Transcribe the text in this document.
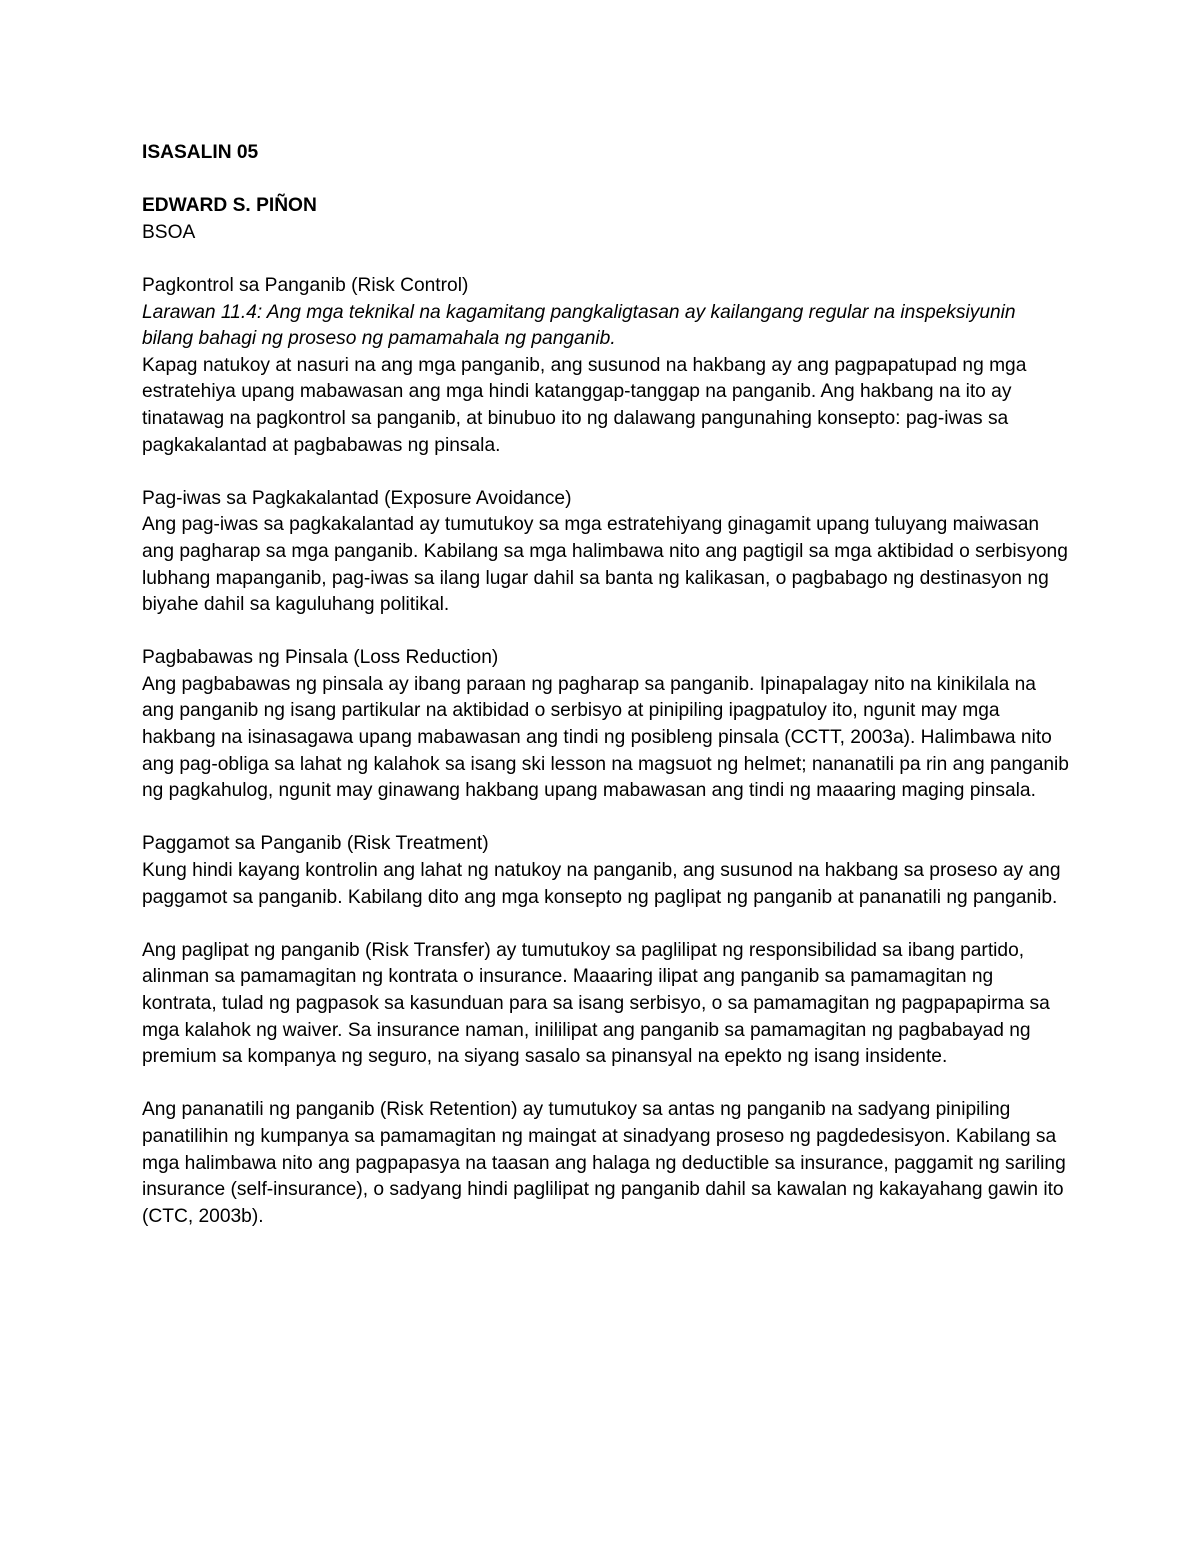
ISASALIN 05

EDWARD S. PIÑON

BSOA

Pagkontrol sa Panganib (Risk Control)

Larawan 11.4: Ang mga teknikal na kagamitang pangkaligtasan ay kailangang regular na inspeksiyunin bilang bahagi ng proseso ng pamamahala ng panganib.

Kapag natukoy at nasuri na ang mga panganib, ang susunod na hakbang ay ang pagpapatupad ng mga estratehiya upang mabawasan ang mga hindi katanggap-tanggap na panganib. Ang hakbang na ito ay tinatawag na pagkontrol sa panganib, at binubuo ito ng dalawang pangunahing konsepto: pag-iwas sa pagkakalantad at pagbabawas ng pinsala.

Pag-iwas sa Pagkakalantad (Exposure Avoidance)

Ang pag-iwas sa pagkakalantad ay tumutukoy sa mga estratehiyang ginagamit upang tuluyang maiwasan ang pagharap sa mga panganib. Kabilang sa mga halimbawa nito ang pagtigil sa mga aktibidad o serbisyong lubhang mapanganib, pag-iwas sa ilang lugar dahil sa banta ng kalikasan, o pagbabago ng destinasyon ng biyahe dahil sa kaguluhang politikal.

Pagbabawas ng Pinsala (Loss Reduction)

Ang pagbabawas ng pinsala ay ibang paraan ng pagharap sa panganib. Ipinapalagay nito na kinikilala na ang panganib ng isang partikular na aktibidad o serbisyo at pinipiling ipagpatuloy ito, ngunit may mga hakbang na isinasagawa upang mabawasan ang tindi ng posibleng pinsala (CCTT, 2003a). Halimbawa nito ang pag-obliga sa lahat ng kalahok sa isang ski lesson na magsuot ng helmet; nananatili pa rin ang panganib ng pagkahulog, ngunit may ginawang hakbang upang mabawasan ang tindi ng maaaring maging pinsala.

Paggamot sa Panganib (Risk Treatment)

Kung hindi kayang kontrolin ang lahat ng natukoy na panganib, ang susunod na hakbang sa proseso ay ang paggamot sa panganib. Kabilang dito ang mga konsepto ng paglipat ng panganib at pananatili ng panganib.

Ang paglipat ng panganib (Risk Transfer) ay tumutukoy sa paglilipat ng responsibilidad sa ibang partido, alinman sa pamamagitan ng kontrata o insurance. Maaaring ilipat ang panganib sa pamamagitan ng kontrata, tulad ng pagpasok sa kasunduan para sa isang serbisyo, o sa pamamagitan ng pagpapapirma sa mga kalahok ng waiver. Sa insurance naman, inililipat ang panganib sa pamamagitan ng pagbabayad ng premium sa kompanya ng seguro, na siyang sasalo sa pinansyal na epekto ng isang insidente.

Ang pananatili ng panganib (Risk Retention) ay tumutukoy sa antas ng panganib na sadyang pinipiling panatilihin ng kumpanya sa pamamagitan ng maingat at sinadyang proseso ng pagdedesisyon. Kabilang sa mga halimbawa nito ang pagpapasya na taasan ang halaga ng deductible sa insurance, paggamit ng sariling insurance (self-insurance), o sadyang hindi paglilipat ng panganib dahil sa kawalan ng kakayahang gawin ito (CTC, 2003b).
